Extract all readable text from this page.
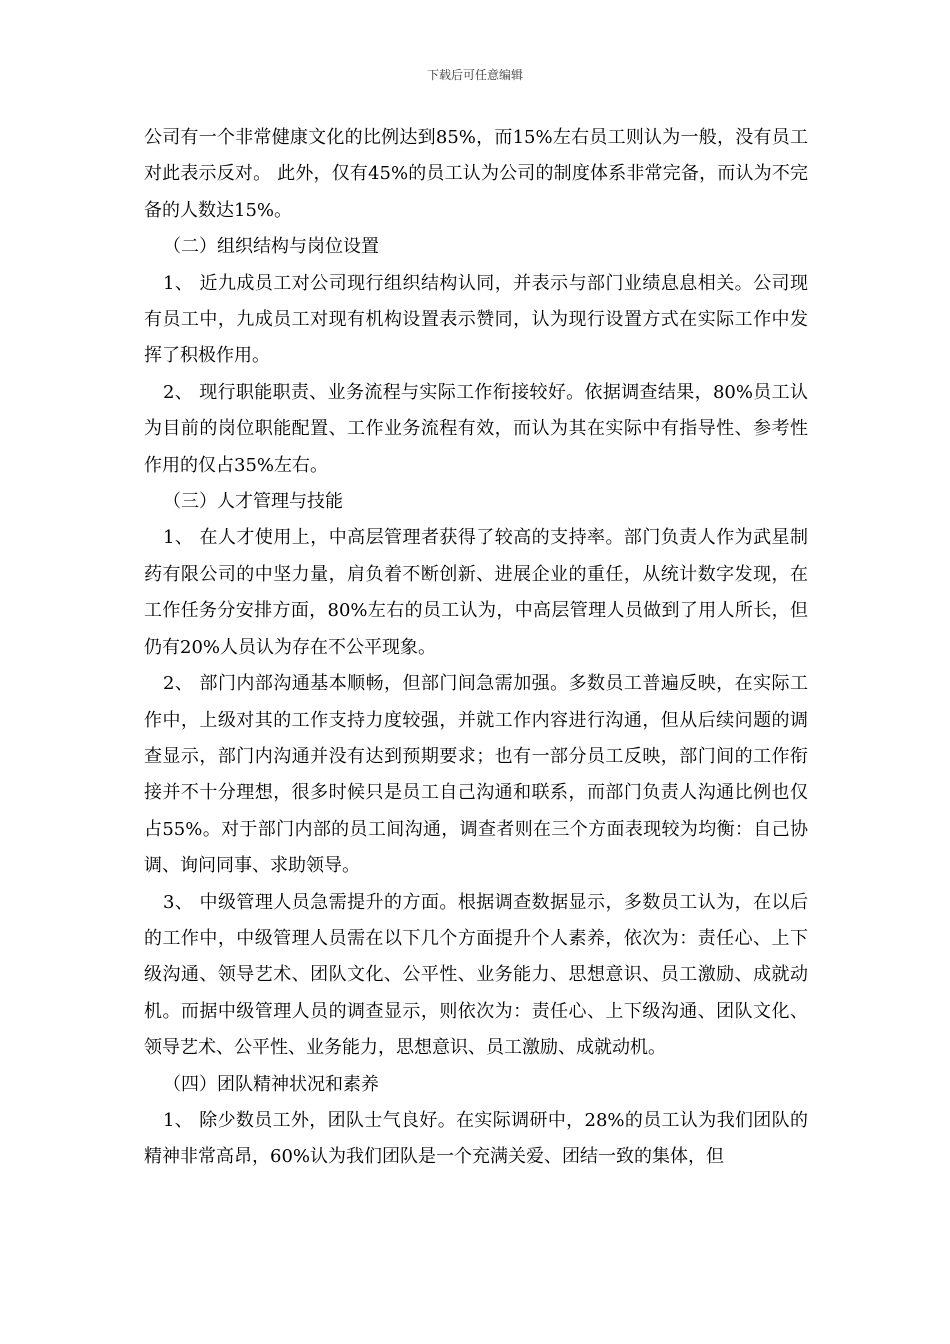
下载后可任意编辑

公司有一个非常健康文化的比例达到85%，而15%左右员工则认为一般，没有员工对此表示反对。 此外，仅有45%的员工认为公司的制度体系非常完备，而认为不完备的人数达15%。

（二）组织结构与岗位设置

1、 近九成员工对公司现行组织结构认同，并表示与部门业绩息息相关。公司现有员工中，九成员工对现有机构设置表示赞同，认为现行设置方式在实际工作中发挥了积极作用。

2、 现行职能职责、业务流程与实际工作衔接较好。依据调查结果，80%员工认为目前的岗位职能配置、工作业务流程有效，而认为其在实际中有指导性、参考性作用的仅占35%左右。

（三）人才管理与技能

1、 在人才使用上，中高层管理者获得了较高的支持率。部门负责人作为武星制药有限公司的中坚力量，肩负着不断创新、进展企业的重任，从统计数字发现，在工作任务分安排方面，80%左右的员工认为，中高层管理人员做到了用人所长，但仍有20%人员认为存在不公平现象。

2、 部门内部沟通基本顺畅，但部门间急需加强。多数员工普遍反映，在实际工作中，上级对其的工作支持力度较强，并就工作内容进行沟通，但从后续问题的调查显示，部门内沟通并没有达到预期要求；也有一部分员工反映，部门间的工作衔接并不十分理想，很多时候只是员工自己沟通和联系，而部门负责人沟通比例也仅占55%。对于部门内部的员工间沟通，调查者则在三个方面表现较为均衡：自己协调、询问同事、求助领导。

3、 中级管理人员急需提升的方面。根据调查数据显示，多数员工认为，在以后的工作中，中级管理人员需在以下几个方面提升个人素养，依次为：责任心、上下级沟通、领导艺术、团队文化、公平性、业务能力、思想意识、员工激励、成就动机。而据中级管理人员的调查显示，则依次为：责任心、上下级沟通、团队文化、领导艺术、公平性、业务能力，思想意识、员工激励、成就动机。

（四）团队精神状况和素养

1、 除少数员工外，团队士气良好。在实际调研中，28%的员工认为我们团队的精神非常高昂，60%认为我们团队是一个充满关爱、团结一致的集体，但
